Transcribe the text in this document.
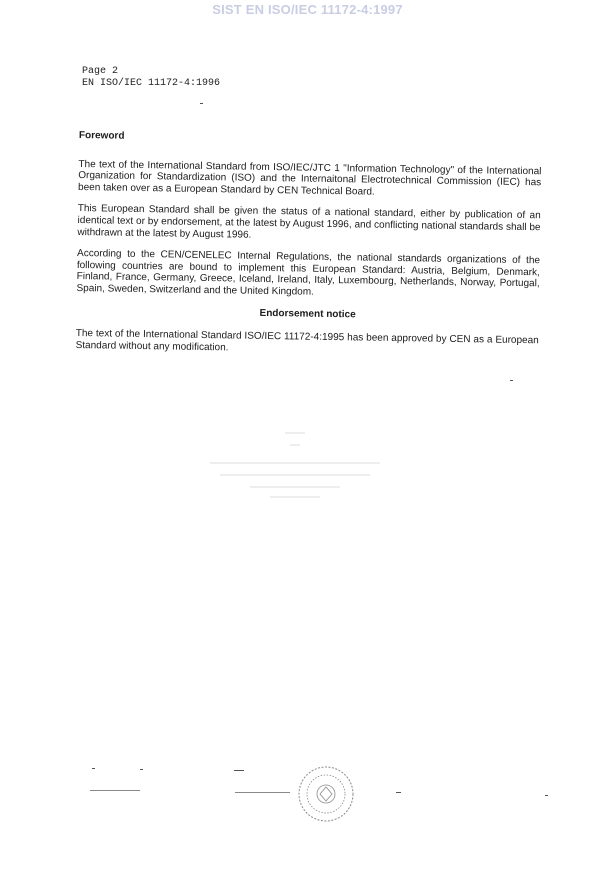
SIST EN ISO/IEC 11172-4:1997
Page 2
EN ISO/IEC 11172-4:1996
Foreword

The text of the International Standard from ISO/IEC/JTC 1 "Information Technology" of the International Organization for Standardization (ISO) and the Internaitonal Electrotechnical Commission (IEC) has been taken over as a European Standard by CEN Technical Board.

This European Standard shall be given the status of a national standard, either by publication of an identical text or by endorsement, at the latest by August 1996, and conflicting national standards shall be withdrawn at the latest by August 1996.

According to the CEN/CENELEC Internal Regulations, the national standards organizations of the following countries are bound to implement this European Standard: Austria, Belgium, Denmark, Finland, France, Germany, Greece, Iceland, Ireland, Italy, Luxembourg, Netherlands, Norway, Portugal, Spain, Sweden, Switzerland and the United Kingdom.

Endorsement notice

The text of the International Standard ISO/IEC 11172-4:1995 has been approved by CEN as a European Standard without any modification.
